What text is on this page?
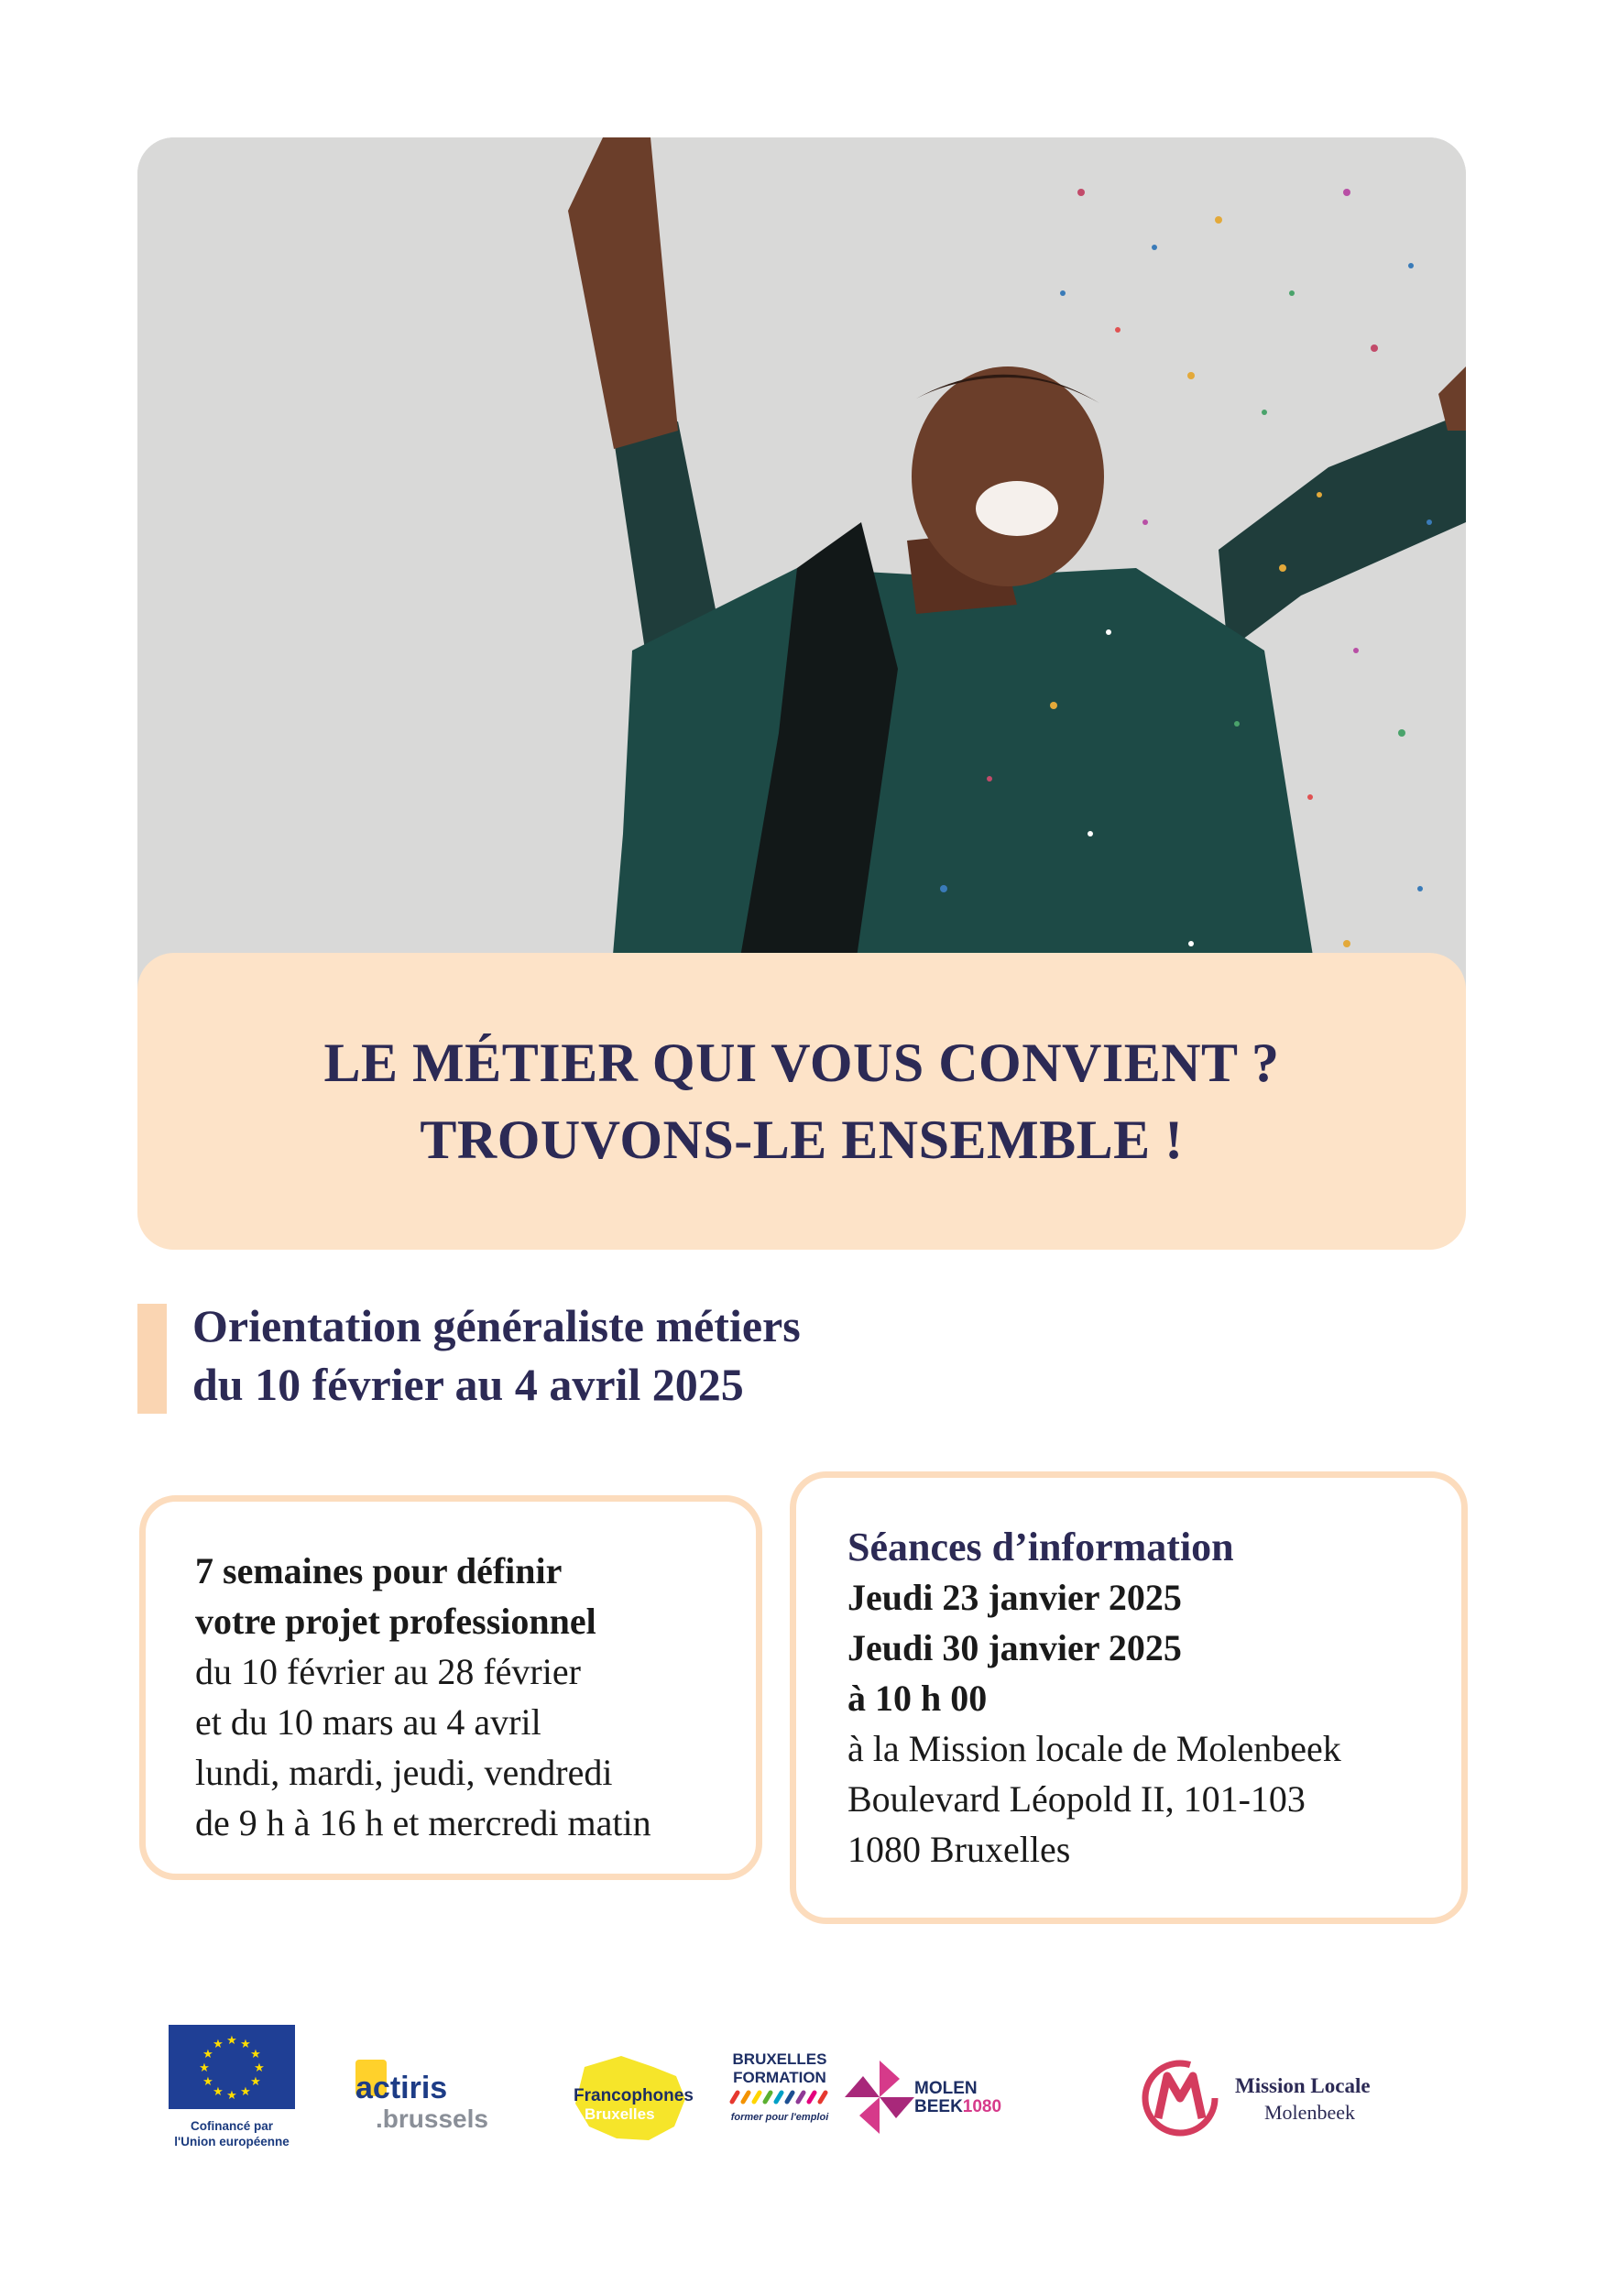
LE MÉTIER QUI VOUS CONVIENT ?
TROUVONS-LE ENSEMBLE !
Orientation généraliste métiers
du 10 février au 4 avril 2025
7 semaines pour définir
votre projet professionnel
du 10 février au 28 février
et du 10 mars au 4 avril
lundi, mardi, jeudi, vendredi
de 9 h à 16 h et mercredi matin
Séances d’information
Jeudi 23 janvier 2025
Jeudi 30 janvier 2025
à 10 h 00
à la Mission locale de Molenbeek
Boulevard Léopold II, 101-103
1080 Bruxelles
★ ★
★
★
★
★
★
★
★
★
★
★
Cofinancé par
l'Union européenne
actiris
.brussels
Francophones
Bruxelles
BRUXELLES
FORMATION
former pour l'emploi
MOLEN
BEEK1080
Mission Locale
Molenbeek
